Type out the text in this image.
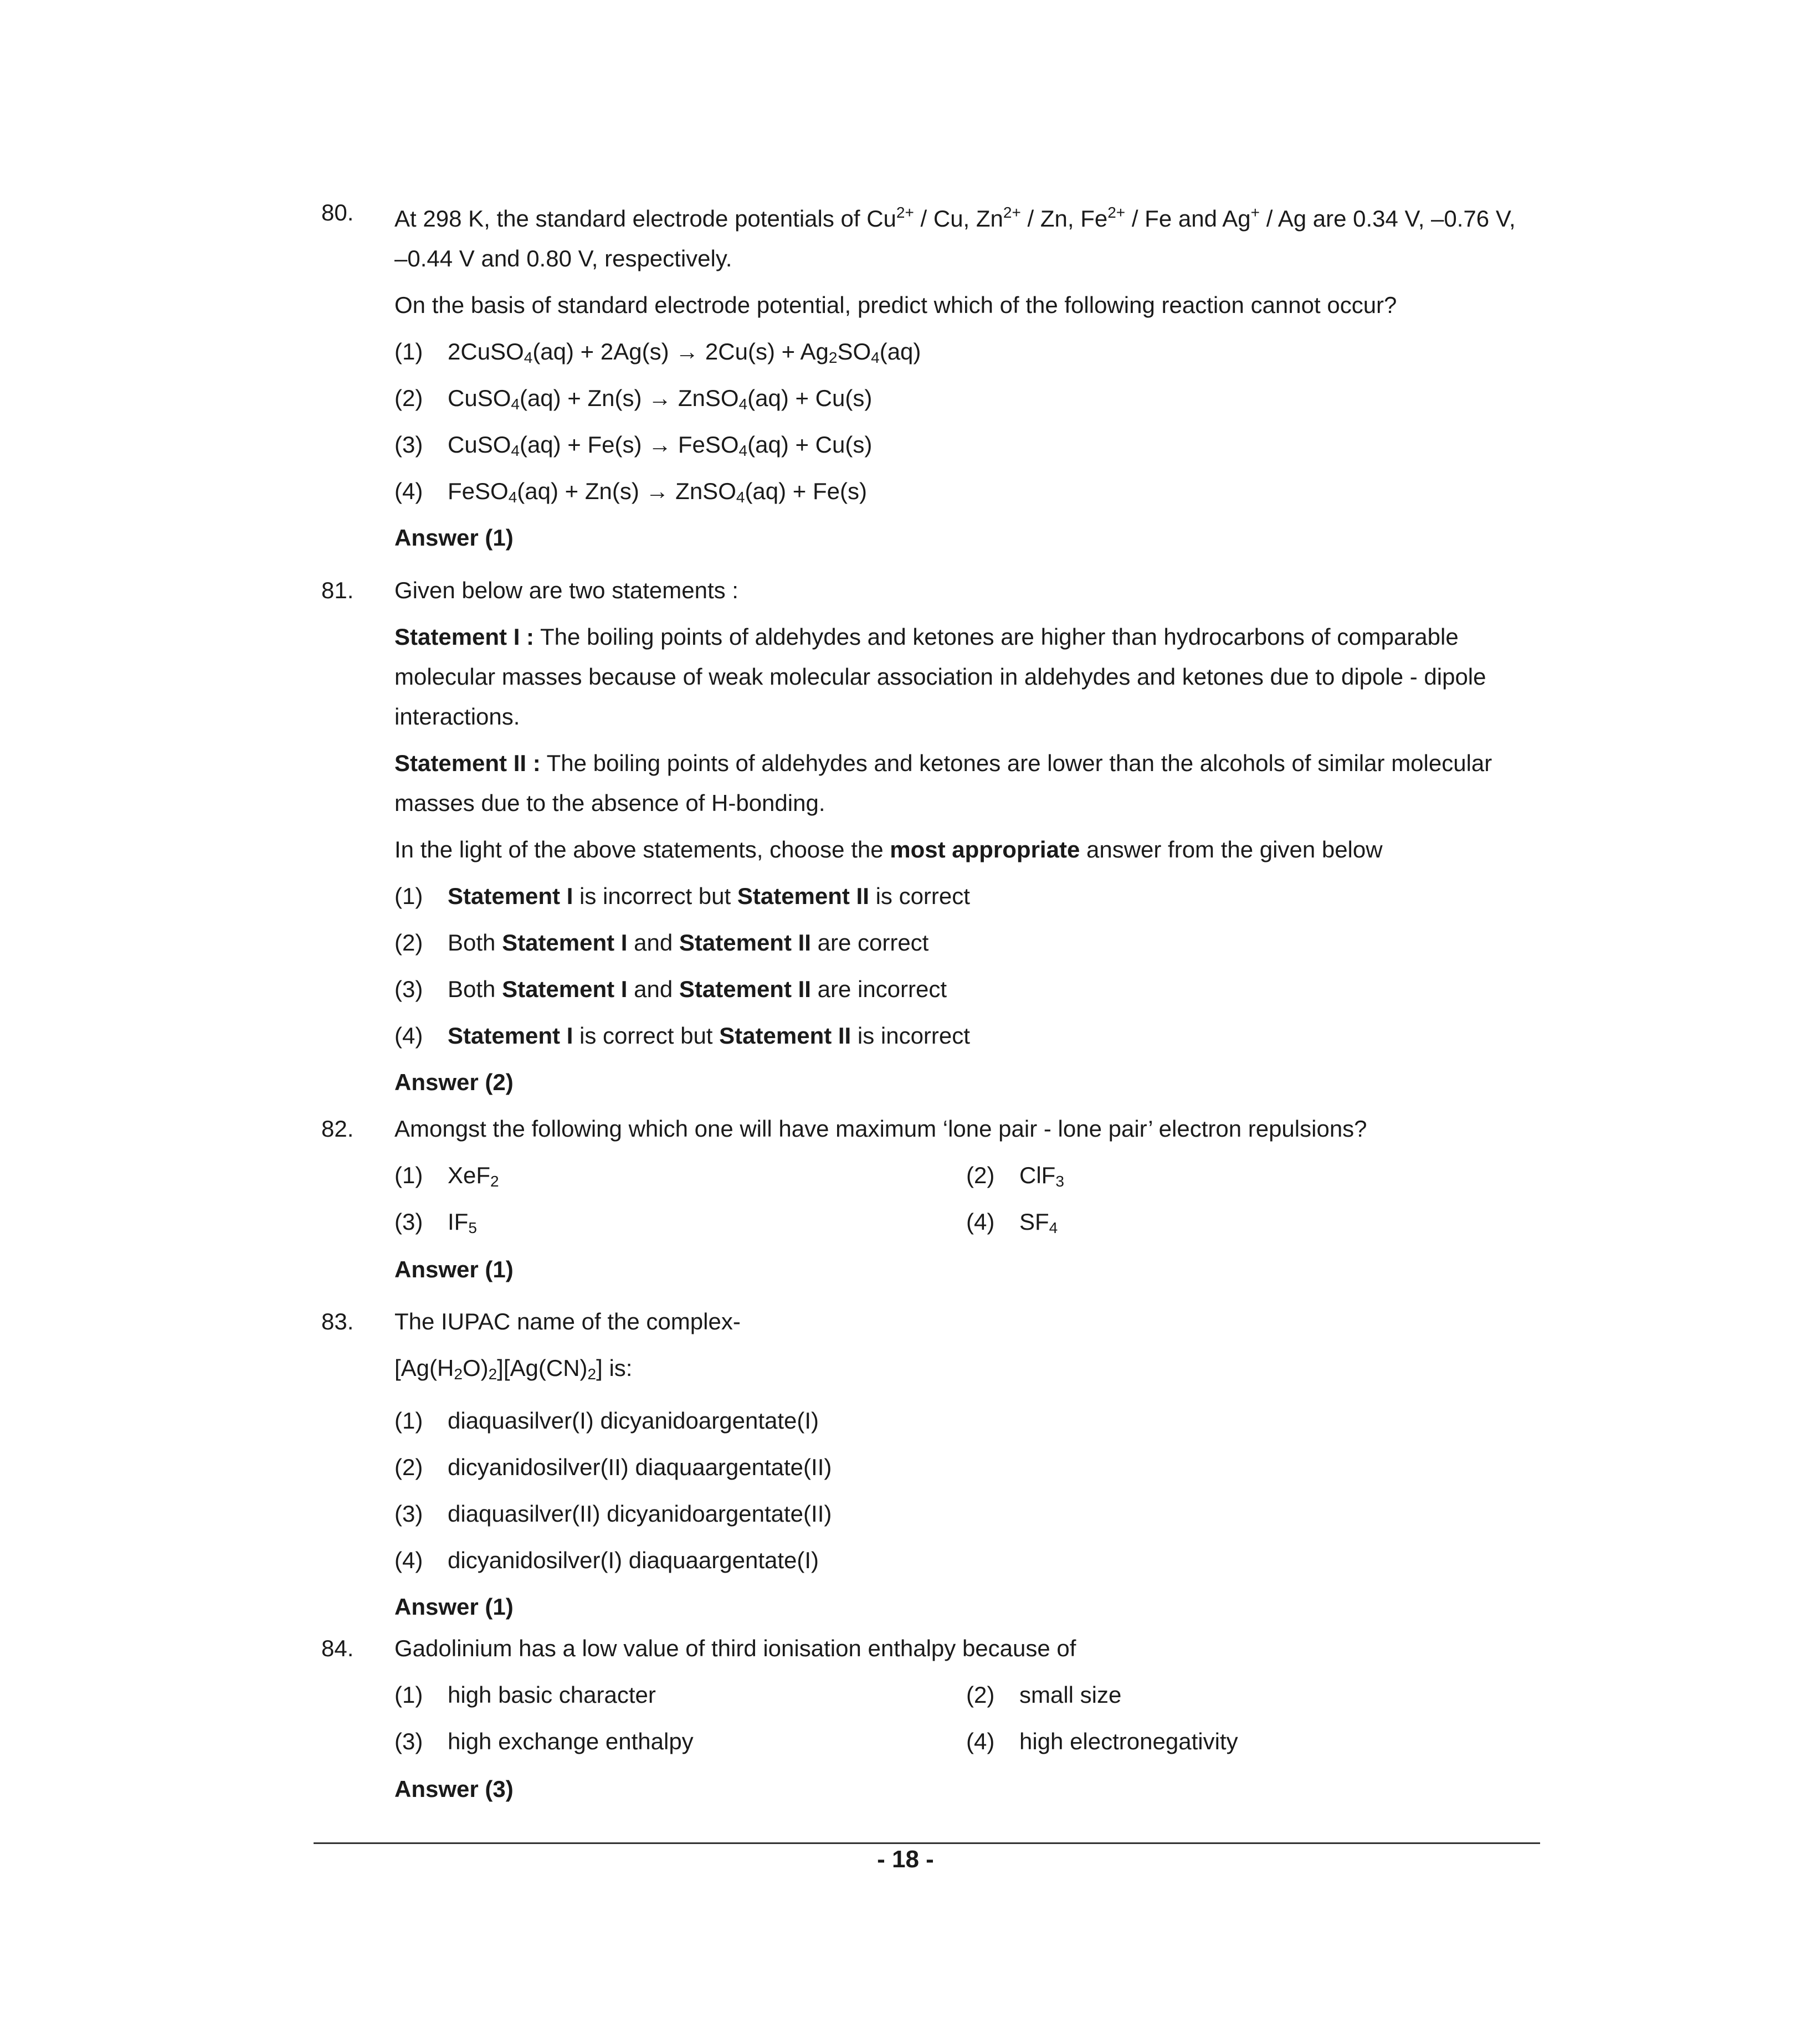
80. At 298 K, the standard electrode potentials of $Cu^{2+}$ / Cu, $Zn^{2+}$ / Zn, $Fe^{2+}$ / Fe and Ag+ / Ag are 0.34 V, –0.76 V, –0.44 V and 0.80 V, respectively.

On the basis of standard electrode potential, predict which of the following reaction cannot occur?

(1) 2CuSO$_4$(aq) + $2Ag(s) \to 2Cu(s) + Ag_2SO_4(aq)$
(2) CuSO$_4$(aq) + Zn(s) → ZnSO$_4$(aq) + Cu(s)
(3) CuSO$_4$(aq) + Fe(s) → FeSO$_4$(aq) + Cu(s)
(4) FeSO$_4$(aq) + Zn(s) → ZnSO$_4$(aq) + Fe(s)
Answer (1)
81. Given below are two statements :

Statement I : The boiling points of aldehydes and ketones are higher than hydrocarbons of comparable molecular masses because of weak molecular association in aldehydes and ketones due to dipole - dipole interactions.

Statement II : The boiling points of aldehydes and ketones are lower than the alcohols of similar molecular masses due to the absence of H-bonding.

In the light of the above statements, choose the most appropriate answer from the given below

(1) Statement I is incorrect but Statement II is correct
(2) Both Statement I and Statement II are correct
(3) Both Statement I and Statement II are incorrect
(4) Statement I is correct but Statement II is incorrect
Answer (2)
82. Amongst the following which one will have maximum ‘lone pair - lone pair’ electron repulsions?

(1) XeF$_2$	(2) ClF$_3$
(3) $IF_5$	(4) $SF_4$
Answer (1)
83. The IUPAC name of the complex-

$[Ag(H_2O)_2][Ag(CN)_2]$ is:

(1) diaquasilver(I) dicyanidoargentate(I)
(2) dicyanidosilver(II) diaquaargentate(II)
(3) diaquasilver(II) dicyanidoargentate(II)
(4) dicyanidosilver(I) diaquaargentate(I)
Answer (1)
84. Gadolinium has a low value of third ionisation enthalpy because of

(1) high basic character	(2) small size
(3) high exchange enthalpy	(4) high electronegativity
Answer (3)
- 18 -
